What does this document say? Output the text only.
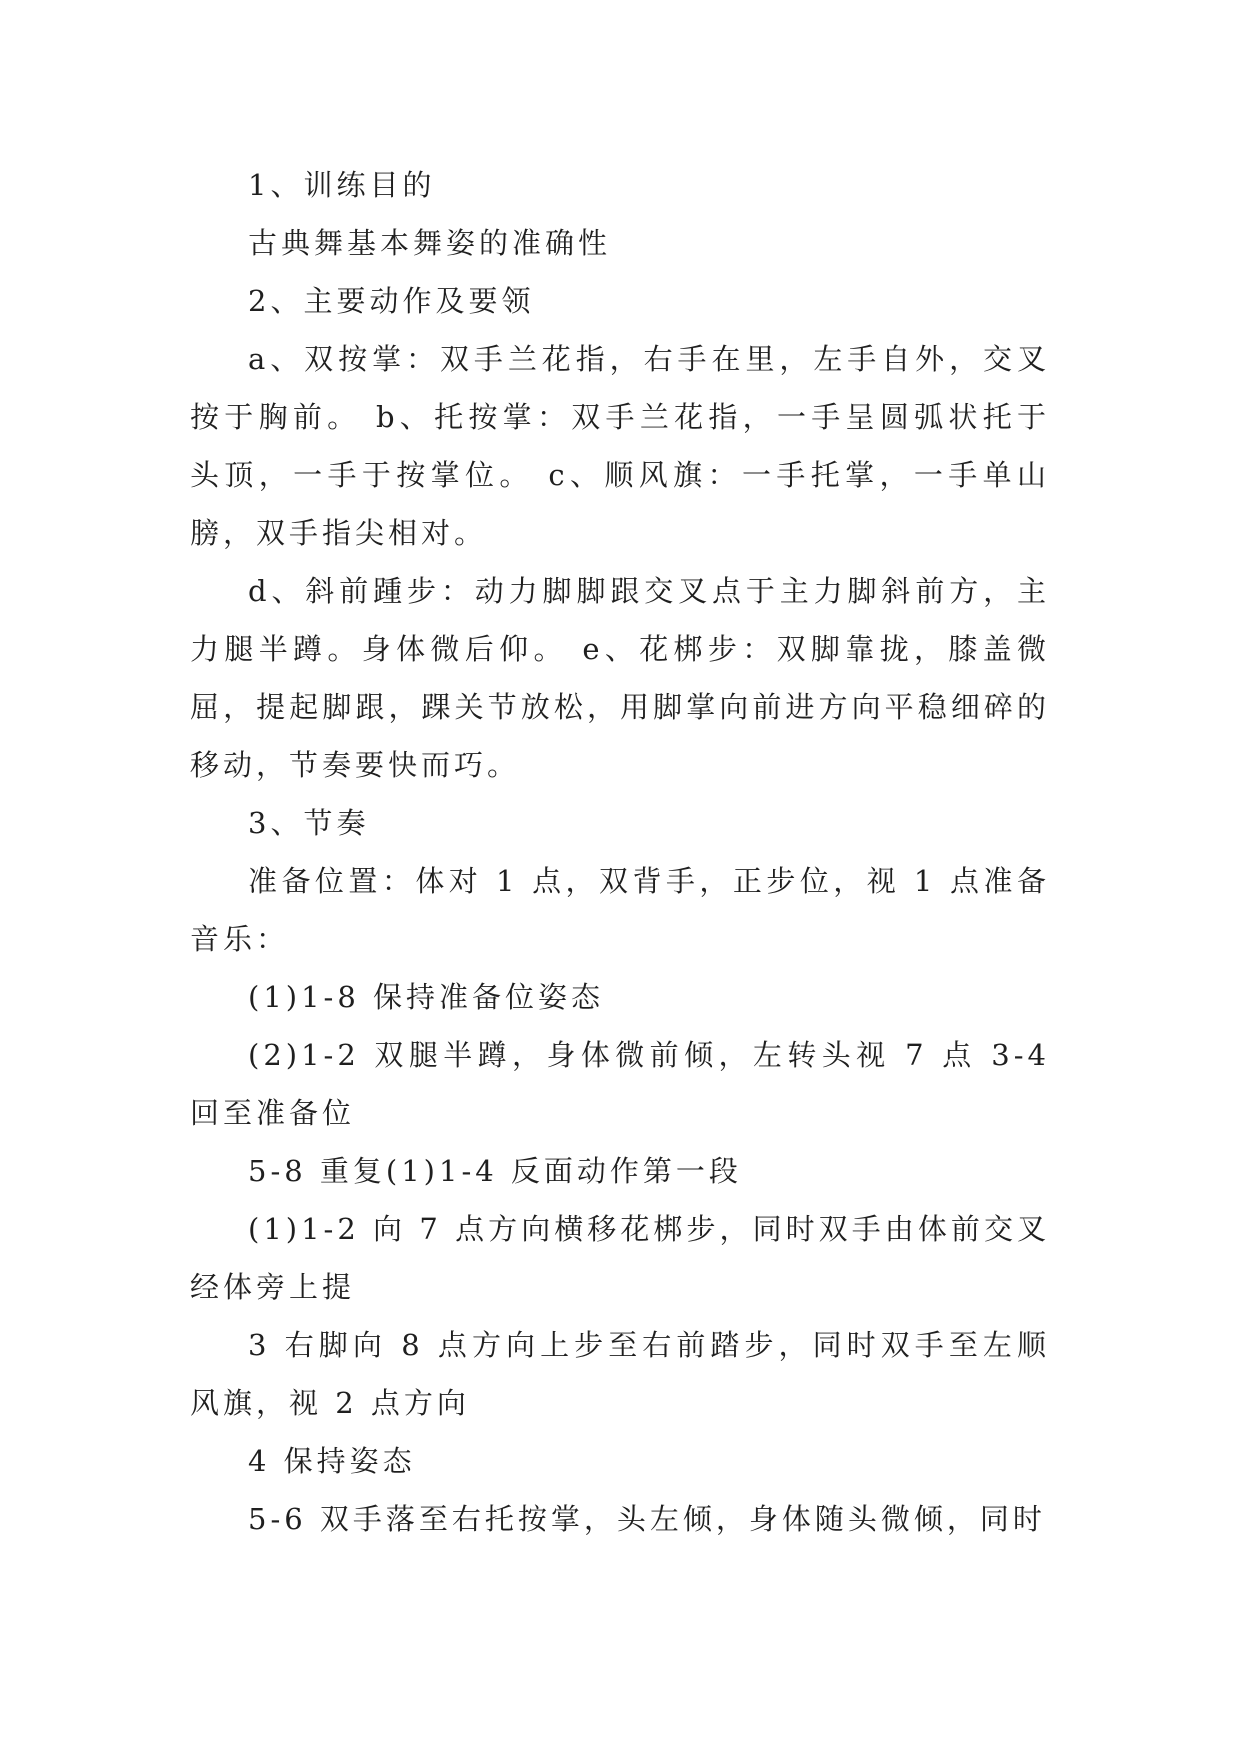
1、训练目的

古典舞基本舞姿的准确性

2、主要动作及要领

a、双按掌：双手兰花指，右手在里，左手自外，交叉按于胸前。 b、托按掌：双手兰花指，一手呈圆弧状托于头顶，一手于按掌位。 c、顺风旗：一手托掌，一手单山膀，双手指尖相对。

d、斜前踵步：动力脚脚跟交叉点于主力脚斜前方，主力腿半蹲。身体微后仰。 e、花梆步：双脚靠拢，膝盖微屈，提起脚跟，踝关节放松，用脚掌向前进方向平稳细碎的移动，节奏要快而巧。

3、节奏

准备位置：体对 1 点，双背手，正步位，视 1 点准备音乐：

(1)1-8 保持准备位姿态

(2)1-2 双腿半蹲，身体微前倾，左转头视 7 点 3-4 回至准备位

5-8 重复(1)1-4 反面动作第一段

(1)1-2 向 7 点方向横移花梆步，同时双手由体前交叉经体旁上提

3 右脚向 8 点方向上步至右前踏步，同时双手至左顺风旗，视 2 点方向

4 保持姿态

5-6 双手落至右托按掌，头左倾，身体随头微倾，同时
